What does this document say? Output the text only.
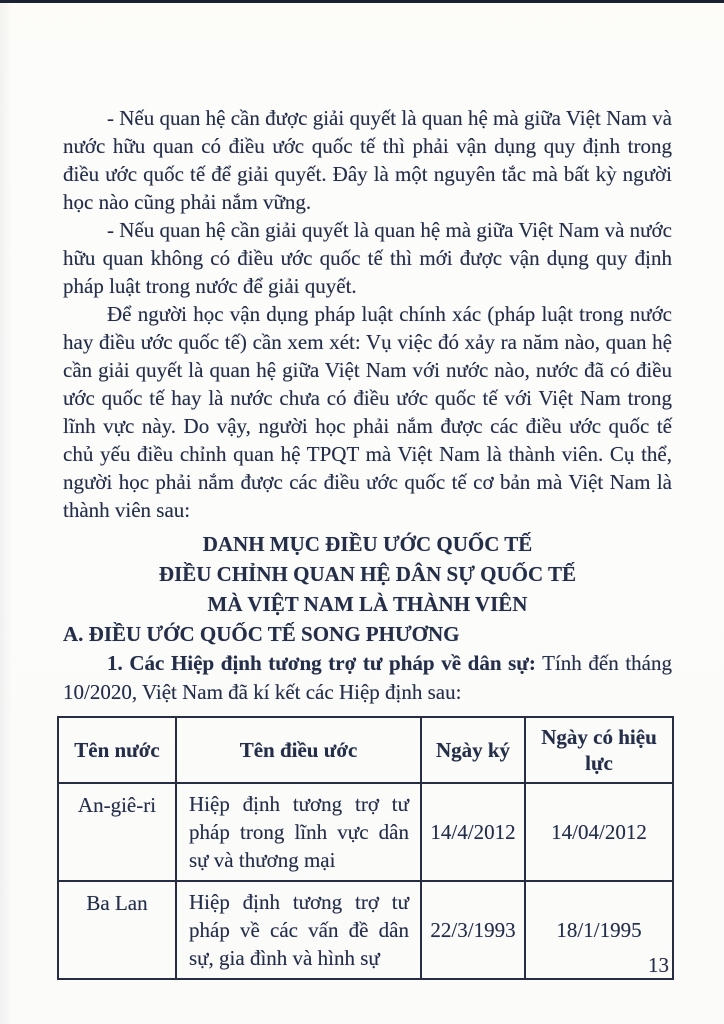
- Nếu quan hệ cần được giải quyết là quan hệ mà giữa Việt Nam và nước hữu quan có điều ước quốc tế thì phải vận dụng quy định trong điều ước quốc tế để giải quyết. Đây là một nguyên tắc mà bất kỳ người học nào cũng phải nắm vững.

- Nếu quan hệ cần giải quyết là quan hệ mà giữa Việt Nam và nước hữu quan không có điều ước quốc tế thì mới được vận dụng quy định pháp luật trong nước để giải quyết.

Để người học vận dụng pháp luật chính xác (pháp luật trong nước hay điều ước quốc tế) cần xem xét: Vụ việc đó xảy ra năm nào, quan hệ cần giải quyết là quan hệ giữa Việt Nam với nước nào, nước đã có điều ước quốc tế hay là nước chưa có điều ước quốc tế với Việt Nam trong lĩnh vực này. Do vậy, người học phải nắm được các điều ước quốc tế chủ yếu điều chỉnh quan hệ TPQT mà Việt Nam là thành viên. Cụ thể, người học phải nắm được các điều ước quốc tế cơ bản mà Việt Nam là thành viên sau:

DANH MỤC ĐIỀU ƯỚC QUỐC TẾ
ĐIỀU CHỈNH QUAN HỆ DÂN SỰ QUỐC TẾ
MÀ VIỆT NAM LÀ THÀNH VIÊN
A. ĐIỀU ƯỚC QUỐC TẾ SONG PHƯƠNG

1. Các Hiệp định tương trợ tư pháp về dân sự: Tính đến tháng 10/2020, Việt Nam đã kí kết các Hiệp định sau:

Tên nước	Tên điều ước	Ngày ký	Ngày có hiệu lực
An-giê-ri	Hiệp định tương trợ tư pháp trong lĩnh vực dân sự và thương mại	14/4/2012	14/04/2012
Ba Lan	Hiệp định tương trợ tư pháp về các vấn đề dân sự, gia đình và hình sự	22/3/1993	18/1/1995
13
